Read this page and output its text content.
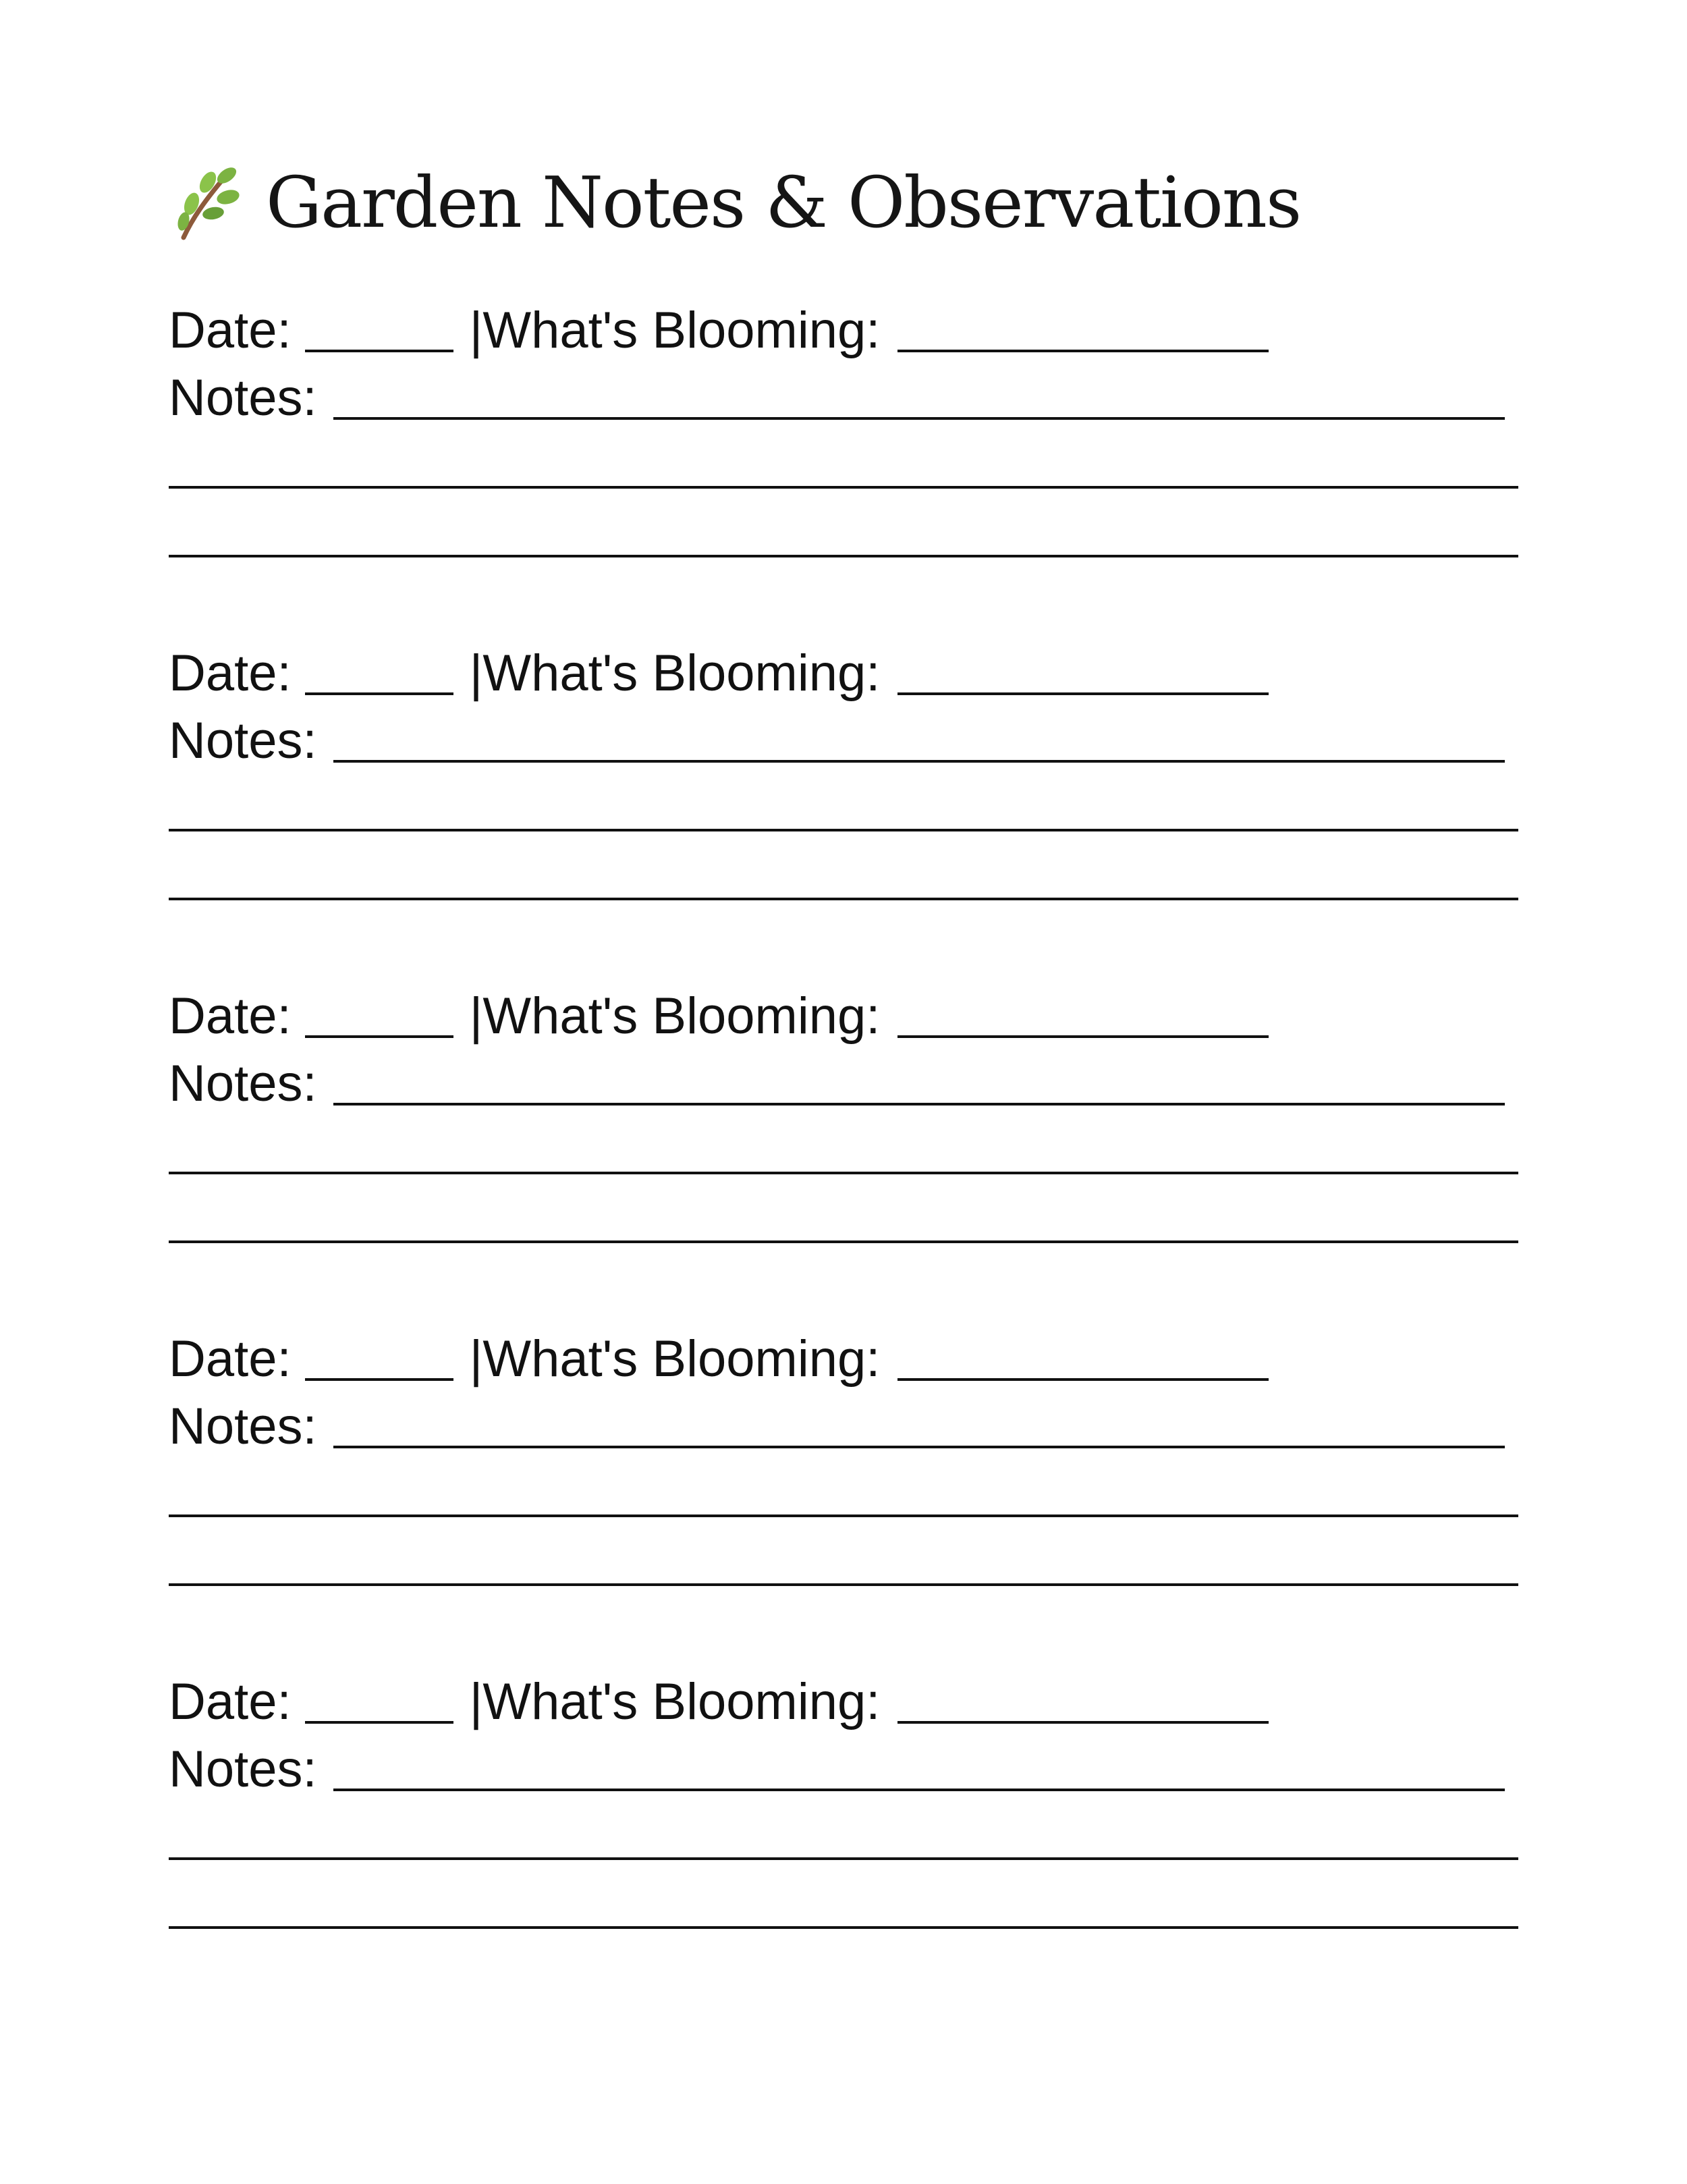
Garden Notes & Observations
Date:	| What's Blooming:
Notes:
Date:	| What's Blooming:
Notes:
Date:	| What's Blooming:
Notes:
Date:	| What's Blooming:
Notes:
Date:	| What's Blooming:
Notes:
